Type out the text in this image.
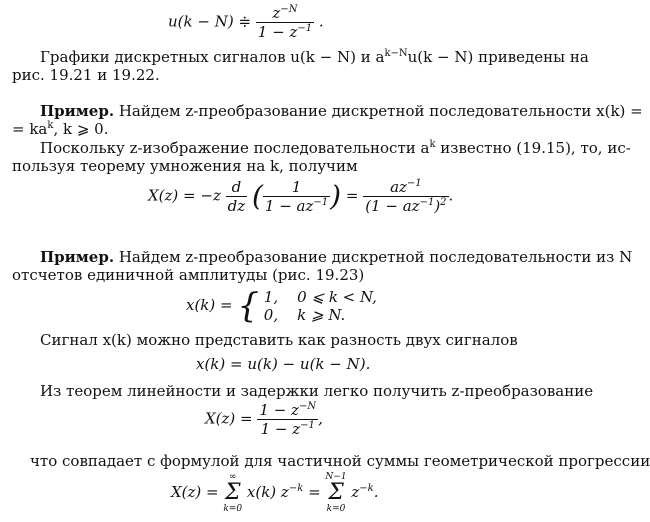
u(k − N) ≑ $\frac{z^{-N}}{1 - z^{-1}}$ .
Графики дискретных сигналов u(k − N) и $a^{k-N}u(k - N)$ приведены на
рис. 19.21 и 19.22.
Пример. Найдем z-преобразование дискретной последовательности x(k) =
= $ka^k$, k ⩾ 0.
Поскольку z-изображение последовательности $a^k$ известно (19.15), то, ис-
пользуя теорему умножения на k, получим
$X(z) = -z \frac{d}{dz}$ ( $\frac{1}{1 - az^{-1}}$ ) = $\frac{az^{-1}}{(1 - az^{-1})^2}$ .
Пример. Найдем z-преобразование дискретной последовательности из N
отсчетов единичной амплитуды (рис. 19.23)
x(k) = { 1, 0 ⩽ k < N,
0, k ⩾ N.
Сигнал x(k) можно представить как разность двух сигналов
x(k) = u(k) − u(k − N).
Из теорем линейности и задержки легко получить z-преобразование
$X(z) = \frac{1 - z^{-N}}{1 - z^{-1}}$ ,
что совпадает с формулой для частичной суммы геометрической прогрессии
X(z) = ∞
Σ
k=0 x(k) $z^{-k} = N-1$
Σ
k=0 $z^{-k}$.
